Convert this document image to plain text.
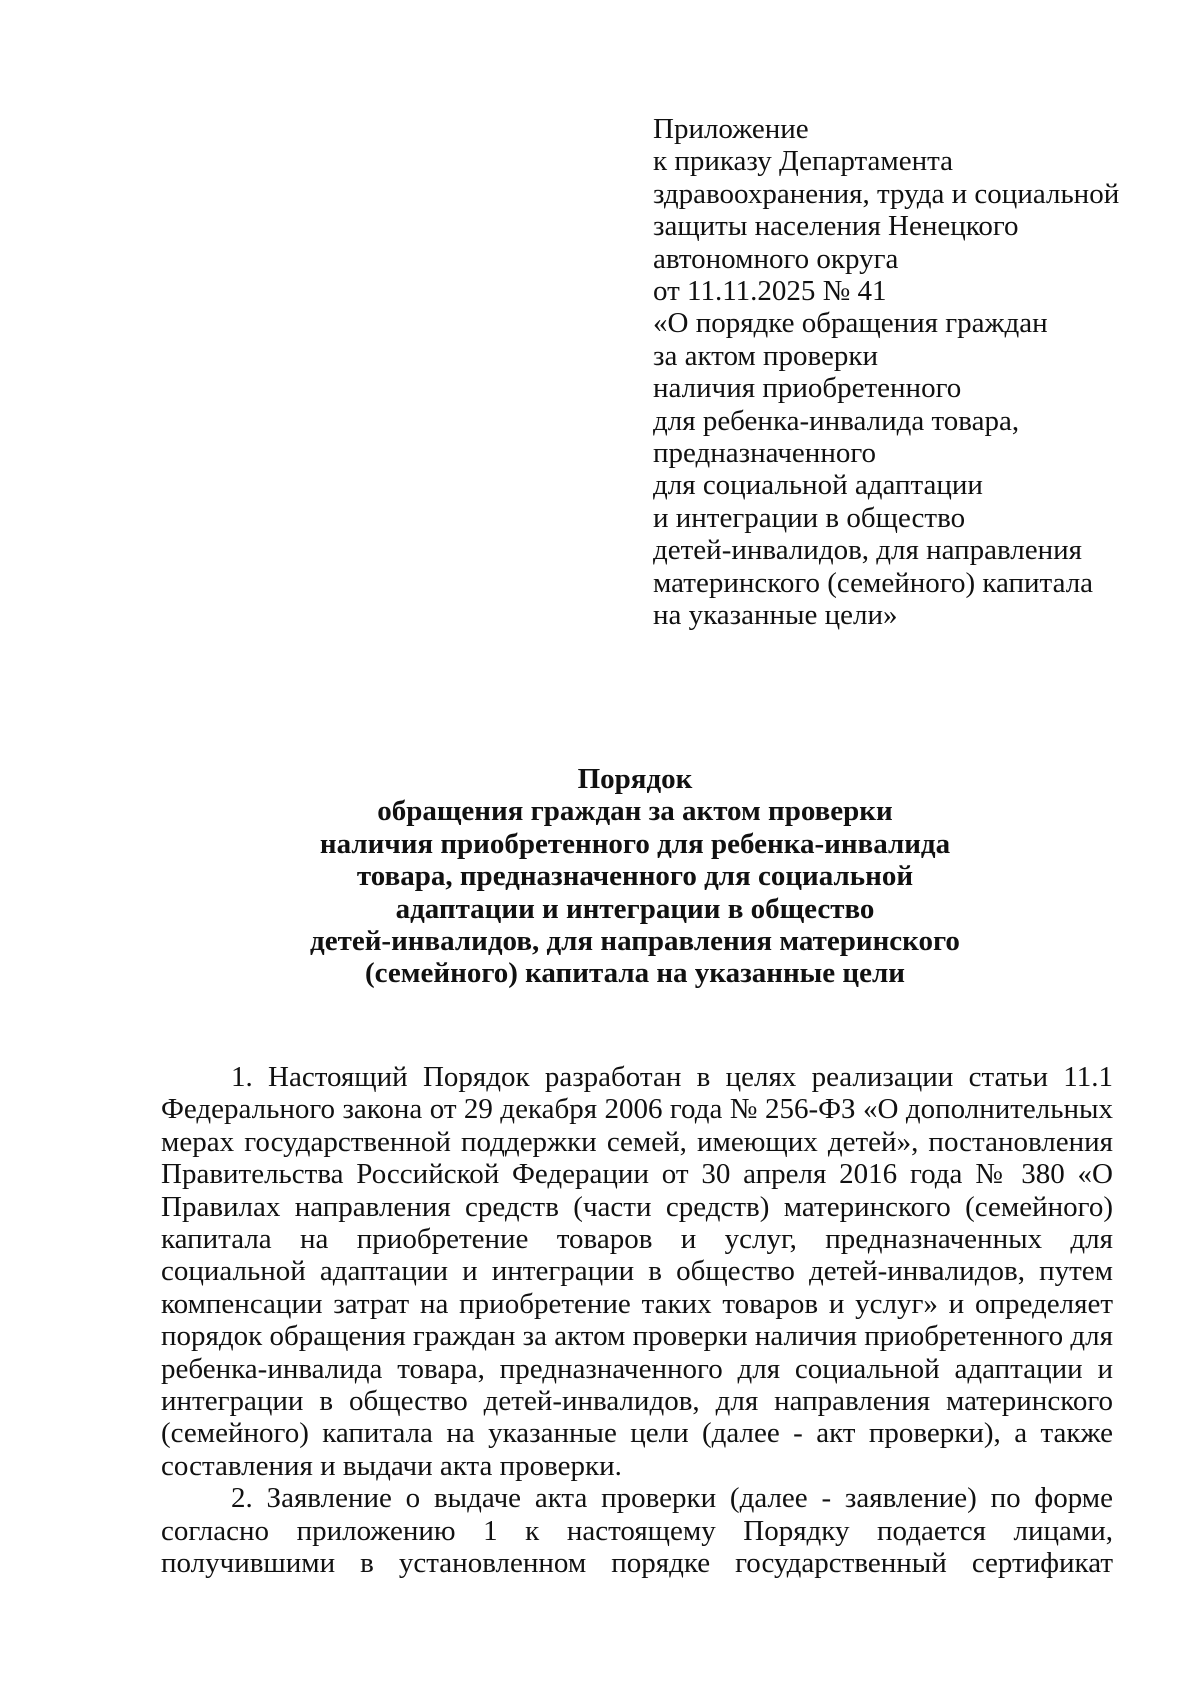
Приложение
к приказу Департамента
здравоохранения, труда и социальной
защиты населения Ненецкого
автономного округа
от 11.11.2025 № 41
«О порядке обращения граждан
за актом проверки
наличия приобретенного
для ребенка-инвалида товара,
предназначенного
для социальной адаптации
и интеграции в общество
детей-инвалидов, для направления
материнского (семейного) капитала
на указанные цели»
Порядок
обращения граждан за актом проверки
наличия приобретенного для ребенка-инвалида
товара, предназначенного для социальной
адаптации и интеграции в общество
детей-инвалидов, для направления материнского
(семейного) капитала на указанные цели

1. Настоящий Порядок разработан в целях реализации статьи 11.1 Федерального закона от 29 декабря 2006 года № 256-ФЗ «О дополнительных мерах государственной поддержки семей, имеющих детей», постановления Правительства Российской Федерации от 30 апреля 2016 года № 380 «О Правилах направления средств (части средств) материнского (семейного) капитала на приобретение товаров и услуг, предназначенных для социальной адаптации и интеграции в общество детей-инвалидов, путем компенсации затрат на приобретение таких товаров и услуг» и определяет порядок обращения граждан за актом проверки наличия приобретенного для ребенка-инвалида товара, предназначенного для социальной адаптации и интеграции в общество детей-инвалидов, для направления материнского (семейного) капитала на указанные цели (далее - акт проверки), а также составления и выдачи акта проверки.

2. Заявление о выдаче акта проверки (далее - заявление) по форме согласно приложению 1 к настоящему Порядку подается лицами, получившими в установленном порядке государственный сертификат
